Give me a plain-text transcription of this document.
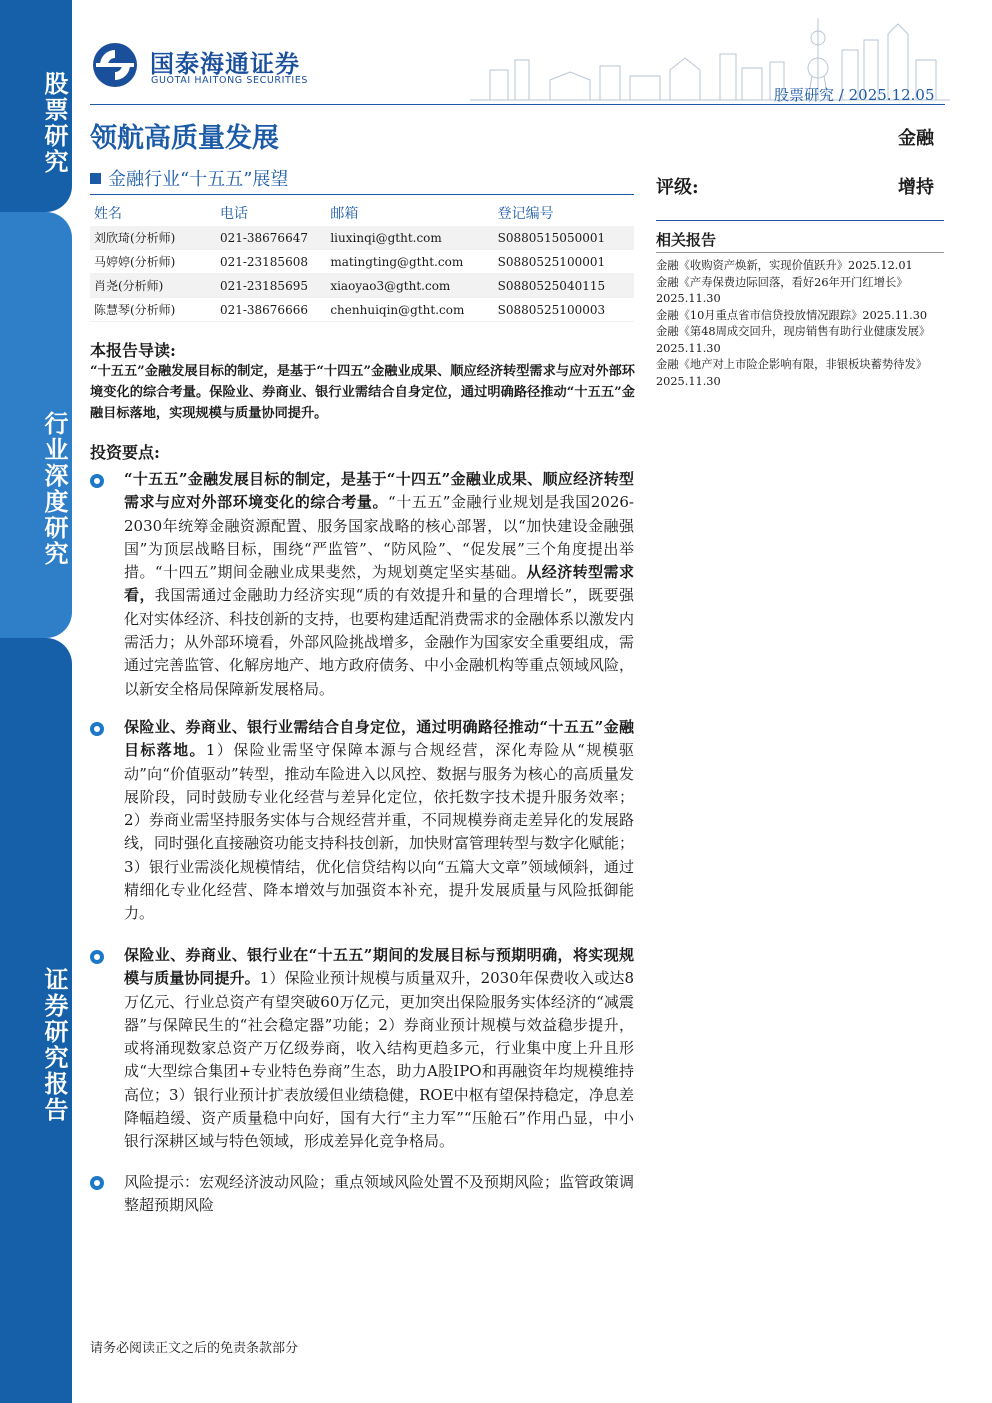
股票研究
行业深度研究
证券研究报告
国泰海通证券
GUOTAI HAITONG SECURITIES
股票研究 / 2025.12.05
领航高质量发展
金融行业“十五五”展望
姓名	电话	邮箱	登记编号
刘欣琦(分析师)	021-38676647	liuxinqi@gtht.com	S0880515050001
马婷婷(分析师)	021-23185608	matingting@gtht.com	S0880525100001
肖尧(分析师)	021-23185695	xiaoyao3@gtht.com	S0880525040115
陈慧琴(分析师)	021-38676666	chenhuiqin@gtht.com	S0880525100003
金融
评级:	增持
相关报告
金融《收购资产焕新，实现价值跃升》2025.12.01
金融《产寿保费边际回落，看好26年开门红增长》2025.11.30
金融《10月重点省市信贷投放情况跟踪》2025.11.30
金融《第48周成交回升，现房销售有助行业健康发展》2025.11.30
金融《地产对上市险企影响有限，非银板块蓄势待发》2025.11.30
本报告导读:
“十五五”金融发展目标的制定，是基于“十四五”金融业成果、顺应经济转型需求与应对外部环境变化的综合考量。保险业、券商业、银行业需结合自身定位，通过明确路径推动“十五五”金融目标落地，实现规模与质量协同提升。
投资要点:
“十五五”金融发展目标的制定，是基于“十四五”金融业成果、顺应经济转型需求与应对外部环境变化的综合考量。“十五五”金融行业规划是我国2026-2030年统筹金融资源配置、服务国家战略的核心部署，以“加快建设金融强国”为顶层战略目标，围绕“严监管”、“防风险”、“促发展”三个角度提出举措。“十四五”期间金融业成果斐然，为规划奠定坚实基础。从经济转型需求看，我国需通过金融助力经济实现“质的有效提升和量的合理增长”，既要强化对实体经济、科技创新的支持，也要构建适配消费需求的金融体系以激发内需活力；从外部环境看，外部风险挑战增多，金融作为国家安全重要组成，需通过完善监管、化解房地产、地方政府债务、中小金融机构等重点领域风险，以新安全格局保障新发展格局。
保险业、券商业、银行业需结合自身定位，通过明确路径推动“十五五”金融目标落地。1）保险业需坚守保障本源与合规经营，深化寿险从“规模驱动”向“价值驱动”转型，推动车险进入以风控、数据与服务为核心的高质量发展阶段，同时鼓励专业化经营与差异化定位，依托数字技术提升服务效率；2）券商业需坚持服务实体与合规经营并重，不同规模券商走差异化的发展路线，同时强化直接融资功能支持科技创新，加快财富管理转型与数字化赋能；3）银行业需淡化规模情结，优化信贷结构以向“五篇大文章”领域倾斜，通过精细化专业化经营、降本增效与加强资本补充，提升发展质量与风险抵御能力。
保险业、券商业、银行业在“十五五”期间的发展目标与预期明确，将实现规模与质量协同提升。1）保险业预计规模与质量双升，2030年保费收入或达8万亿元、行业总资产有望突破60万亿元，更加突出保险服务实体经济的“减震器”与保障民生的“社会稳定器”功能；2）券商业预计规模与效益稳步提升，或将涌现数家总资产万亿级券商，收入结构更趋多元，行业集中度上升且形成“大型综合集团+专业特色券商”生态，助力A股IPO和再融资年均规模维持高位；3）银行业预计扩表放缓但业绩稳健，ROE中枢有望保持稳定，净息差降幅趋缓、资产质量稳中向好，国有大行“主力军”“压舱石”作用凸显，中小银行深耕区域与特色领域，形成差异化竞争格局。
风险提示：宏观经济波动风险；重点领域风险处置不及预期风险；监管政策调整超预期风险
请务必阅读正文之后的免责条款部分
